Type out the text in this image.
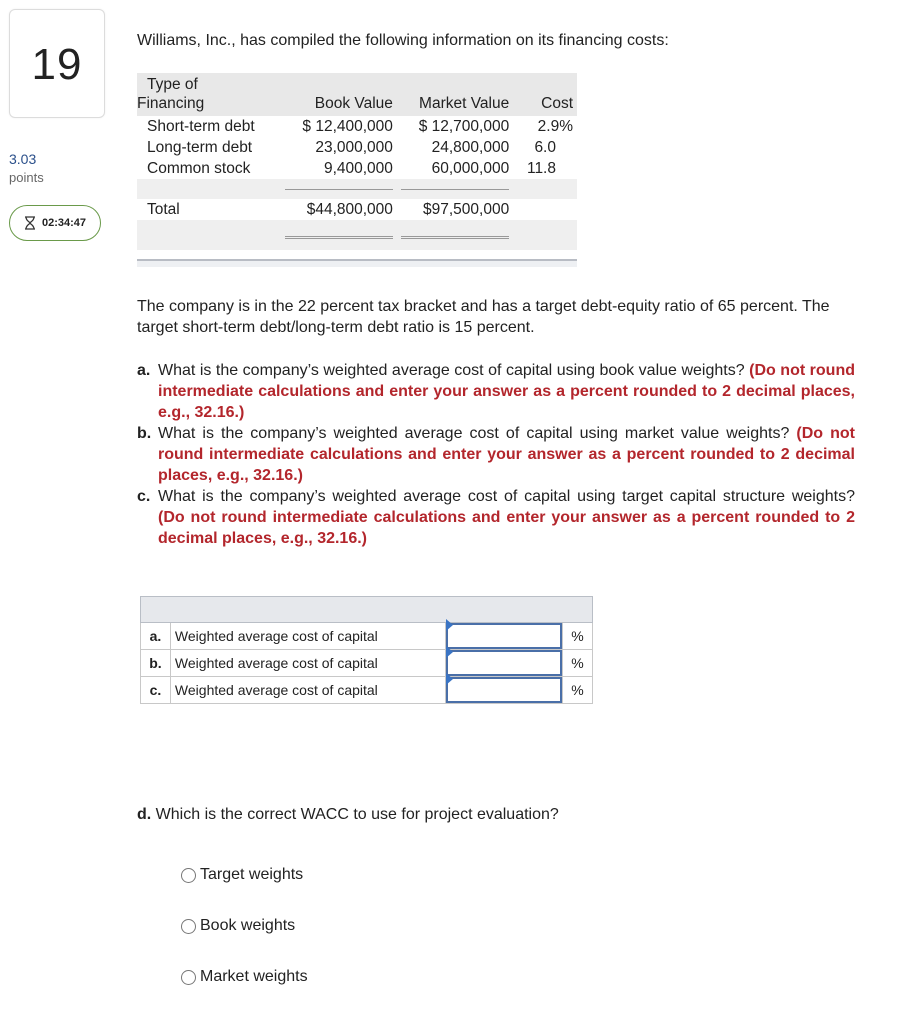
19
3.03
points
02:34:47
Williams, Inc., has compiled the following information on its financing costs:
Type of
Financing	Book Value	Market Value	Cost
Short-term debt	$ 12,400,000	$ 12,700,000	2.9%
Long-term debt	23,000,000	24,800,000	6.0
Common stock	9,400,000	60,000,000	11.8

Total	$44,800,000	$97,500,000	

The company is in the 22 percent tax bracket and has a target debt-equity ratio of 65 percent. The target short-term debt/long-term debt ratio is 15 percent.
a. What is the company’s weighted average cost of capital using book value weights? (Do not round intermediate calculations and enter your answer as a percent rounded to 2 decimal places, e.g., 32.16.)
b. What is the company’s weighted average cost of capital using market value weights? (Do not round intermediate calculations and enter your answer as a percent rounded to 2 decimal places, e.g., 32.16.)
c. What is the company’s weighted average cost of capital using target capital structure weights? (Do not round intermediate calculations and enter your answer as a percent rounded to 2 decimal places, e.g., 32.16.)

a.	Weighted average cost of capital		%
b.	Weighted average cost of capital		%
c.	Weighted average cost of capital		%
d. Which is the correct WACC to use for project evaluation?
Target weights
Book weights
Market weights
